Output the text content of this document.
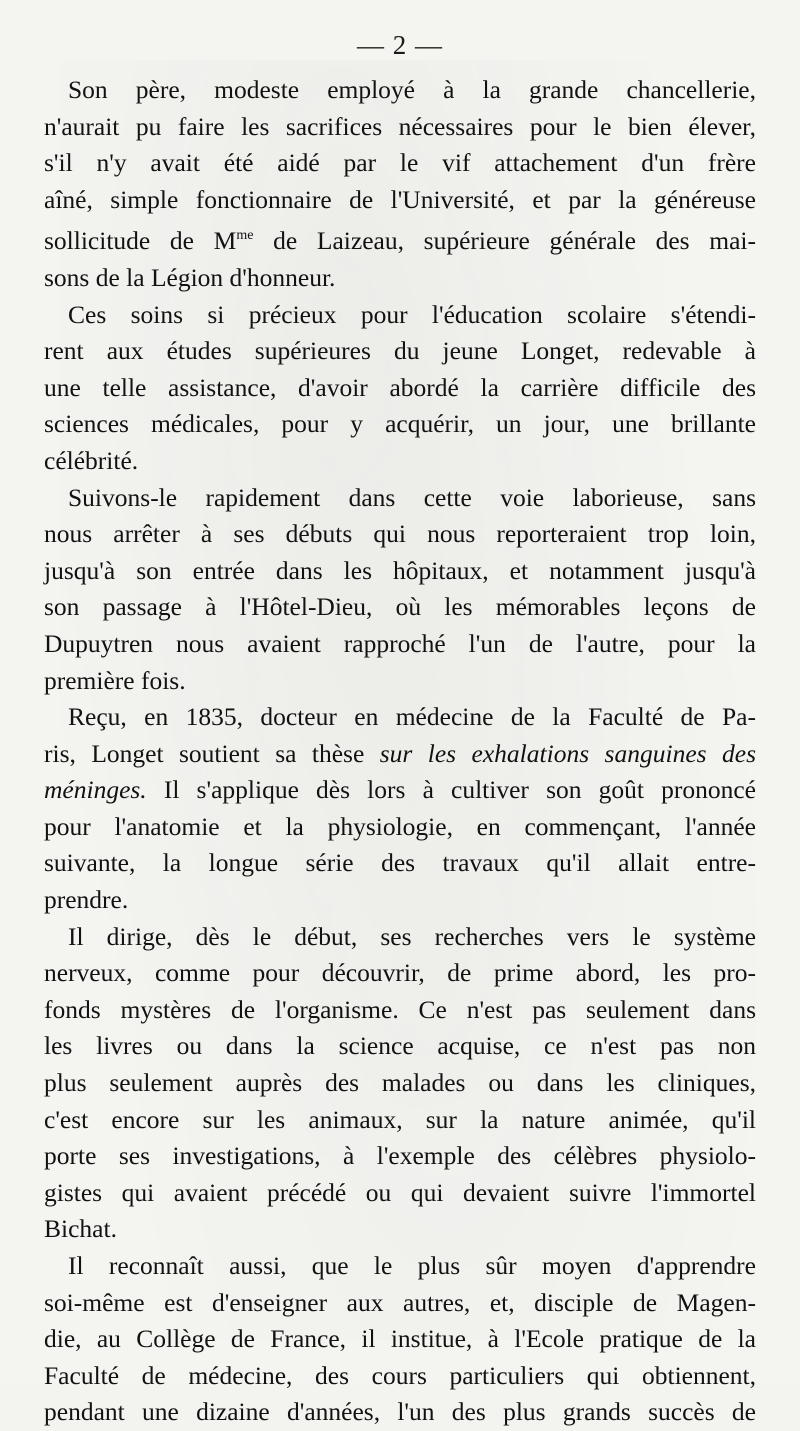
— 2 —

Son père, modeste employé à la grande chancellerie,
n'aurait pu faire les sacrifices nécessaires pour le bien élever,
s'il n'y avait été aidé par le vif attachement d'un frère
aîné, simple fonctionnaire de l'Université, et par la généreuse
sollicitude de $M^{me}$ de Laizeau, supérieure générale des mai-
sons de la Légion d'honneur.

Ces soins si précieux pour l'éducation scolaire s'étendi-
rent aux études supérieures du jeune Longet, redevable à
une telle assistance, d'avoir abordé la carrière difficile des
sciences médicales, pour y acquérir, un jour, une brillante
célébrité.

Suivons-le rapidement dans cette voie laborieuse, sans
nous arrêter à ses débuts qui nous reporteraient trop loin,
jusqu'à son entrée dans les hôpitaux, et notamment jusqu'à
son passage à l'Hôtel-Dieu, où les mémorables leçons de
Dupuytren nous avaient rapproché l'un de l'autre, pour la
première fois.

Reçu, en 1835, docteur en médecine de la Faculté de Pa-
ris, Longet soutient sa thèse sur les exhalations sanguines des
méninges. Il s'applique dès lors à cultiver son goût prononcé
pour l'anatomie et la physiologie, en commençant, l'année
suivante, la longue série des travaux qu'il allait entre-
prendre.

Il dirige, dès le début, ses recherches vers le système
nerveux, comme pour découvrir, de prime abord, les pro-
fonds mystères de l'organisme. Ce n'est pas seulement dans
les livres ou dans la science acquise, ce n'est pas non
plus seulement auprès des malades ou dans les cliniques,
c'est encore sur les animaux, sur la nature animée, qu'il
porte ses investigations, à l'exemple des célèbres physiolo-
gistes qui avaient précédé ou qui devaient suivre l'immortel
Bichat.

Il reconnaît aussi, que le plus sûr moyen d'apprendre
soi-même est d'enseigner aux autres, et, disciple de Magen-
die, au Collège de France, il institue, à l'Ecole pratique de la
Faculté de médecine, des cours particuliers qui obtiennent,
pendant une dizaine d'années, l'un des plus grands succès de
